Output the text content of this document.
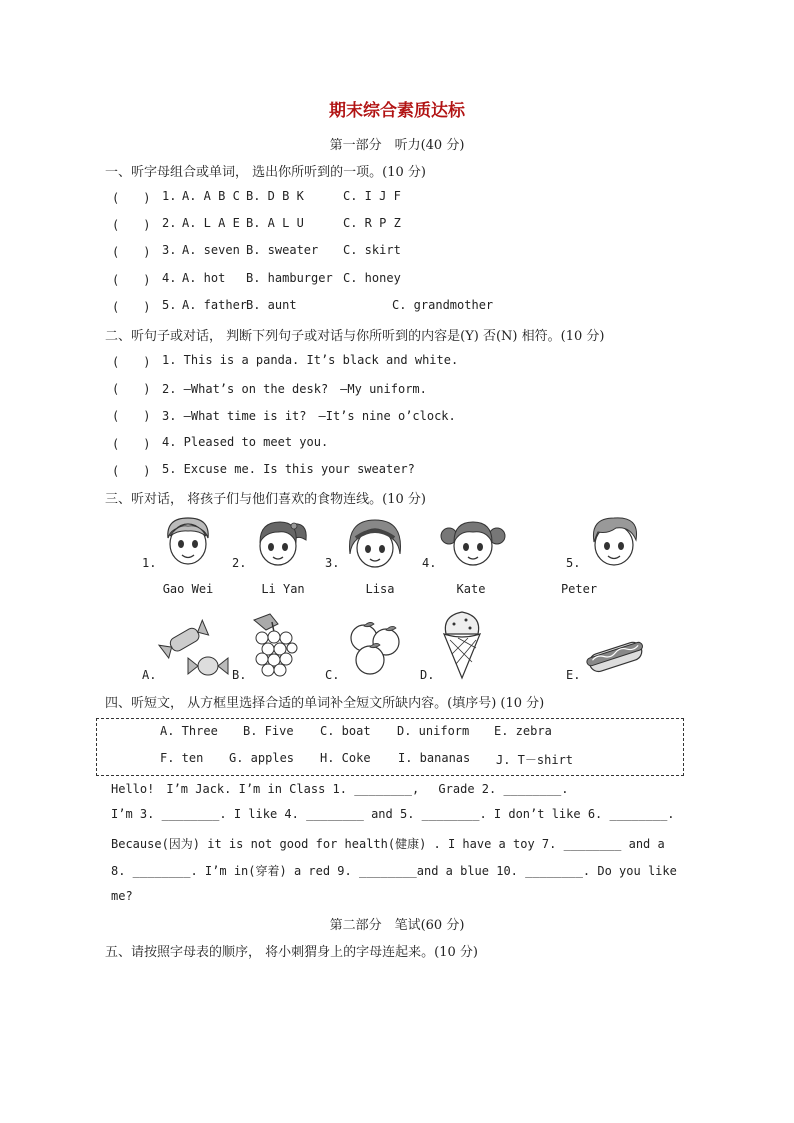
期末综合素质达标
第一部分　听力(40 分)
一、听字母组合或单词， 选出你所听到的一项。(10 分)
(　　) 1. A. A B C B. D B K	C. I J F
(　　) 2. A. L A E B. A L U	C. R P Z
(　　) 3. A. seven B. sweater C. skirt
(　　) 4. A. hot B. hamburger C. honey
(　　) 5. A. father
B. aunt	C. grandmother
二、听句子或对话， 判断下列句子或对话与你所听到的内容是(Y) 否(N) 相符。(10 分)
(　　) 1. This is a panda. It’s black and white.
(　　) 2. —What’s on the desk?　—My uniform.
(　　) 3. —What time is it?　—It’s nine o’clock.
(　　) 4. Pleased to meet you.
(　　) 5. Excuse me. Is this your sweater?
三、听对话， 将孩子们与他们喜欢的食物连线。(10 分)
1.
Gao Wei
2.
Li Yan
3.
Lisa
4.
Kate
5.
Peter
A.	B.	C.	D.	E.
四、听短文， 从方框里选择合适的单词补全短文所缺内容。(填序号) (10 分)
A. Three B. Five C. boat D. uniform E. zebra
F. ten G. apples H. Coke I. bananas J. T－shirt
Hello!　I’m Jack. I’m in Class 1. ________,　 Grade 2. ________.
I’m 3. ________. I like 4. ________ and 5. ________. I don’t like 6. ________.
Because(因为) it is not good for health(健康) . I have a toy 7. ________ and a
8. ________. I’m in(穿着) a red 9. ________and a blue 10. ________. Do you like
me?
第二部分　笔试(60 分)
五、请按照字母表的顺序， 将小刺猬身上的字母连起来。(10 分)
